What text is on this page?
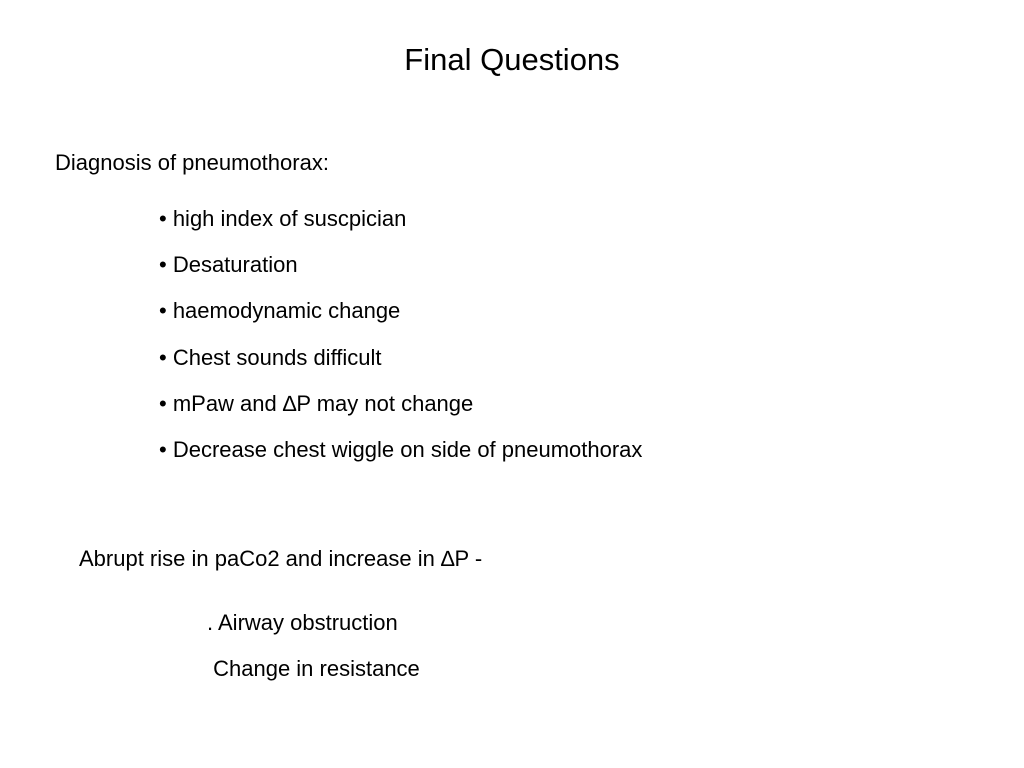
Final Questions
Diagnosis of pneumothorax:
• high index of suscpician
• Desaturation
• haemodynamic change
• Chest sounds difficult
• mPaw and ∆P may not change
• Decrease chest wiggle on side of pneumothorax
Abrupt rise in paCo2 and increase in ∆P -
. Airway obstruction
Change in resistance
